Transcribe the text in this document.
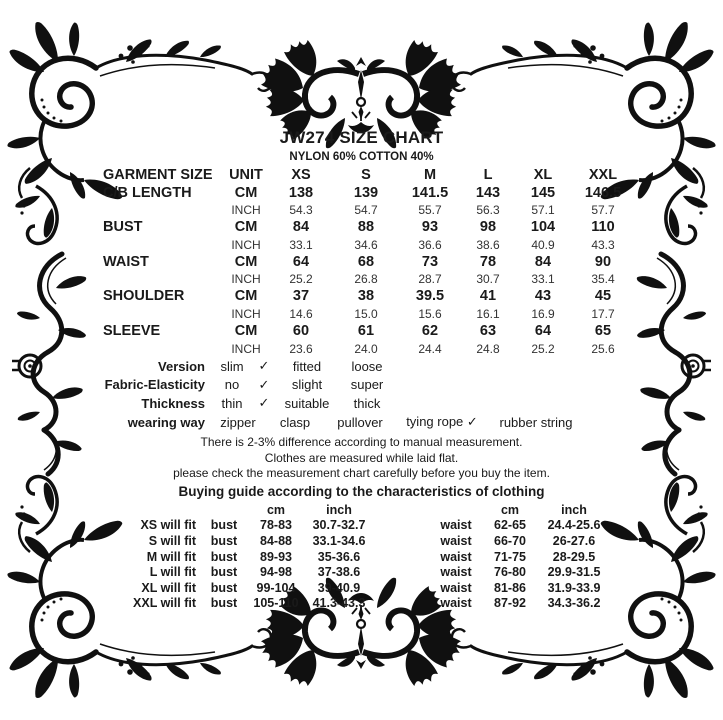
JW274 SIZE CHART
NYLON 60% COTTON 40%
GARMENT SIZE	UNIT	XS	S	M	L	XL	XXL
C/B LENGTH	CM	138	139	141.5	143	145	146.5
INCH	54.3	54.7	55.7	56.3	57.1	57.7
BUST	CM	84	88	93	98	104	110
INCH	33.1	34.6	36.6	38.6	40.9	43.3
WAIST	CM	64	68	73	78	84	90
INCH	25.2	26.8	28.7	30.7	33.1	35.4
SHOULDER	CM	37	38	39.5	41	43	45
INCH	14.6	15.0	15.6	16.1	16.9	17.7
SLEEVE	CM	60	61	62	63	64	65
INCH	23.6	24.0	24.4	24.8	25.2	25.6
Version	slim	✓	fitted	loose
Fabric-Elasticity	no	✓	slight	super
Thickness	thin	✓	suitable	thick
wearing way	zipper	clasp	pullover	tying rope ✓	rubber string
There is 2-3% difference according to manual measurement.
Clothes are measured while laid flat.
please check the measurement chart carefully before you buy the item.
Buying guide according to the characteristics of clothing
cm	inch	cm	inch
XS will fit	bust	78-83	30.7-32.7	waist	62-65	24.4-25.6
S will fit	bust	84-88	33.1-34.6	waist	66-70	26-27.6
M will fit	bust	89-93	35-36.6	waist	71-75	28-29.5
L will fit	bust	94-98	37-38.6	waist	76-80	29.9-31.5
XL will fit	bust	99-104	39-40.9	waist	81-86	31.9-33.9
XXL will fit	bust	105-110	41.3-43.3	waist	87-92	34.3-36.2
